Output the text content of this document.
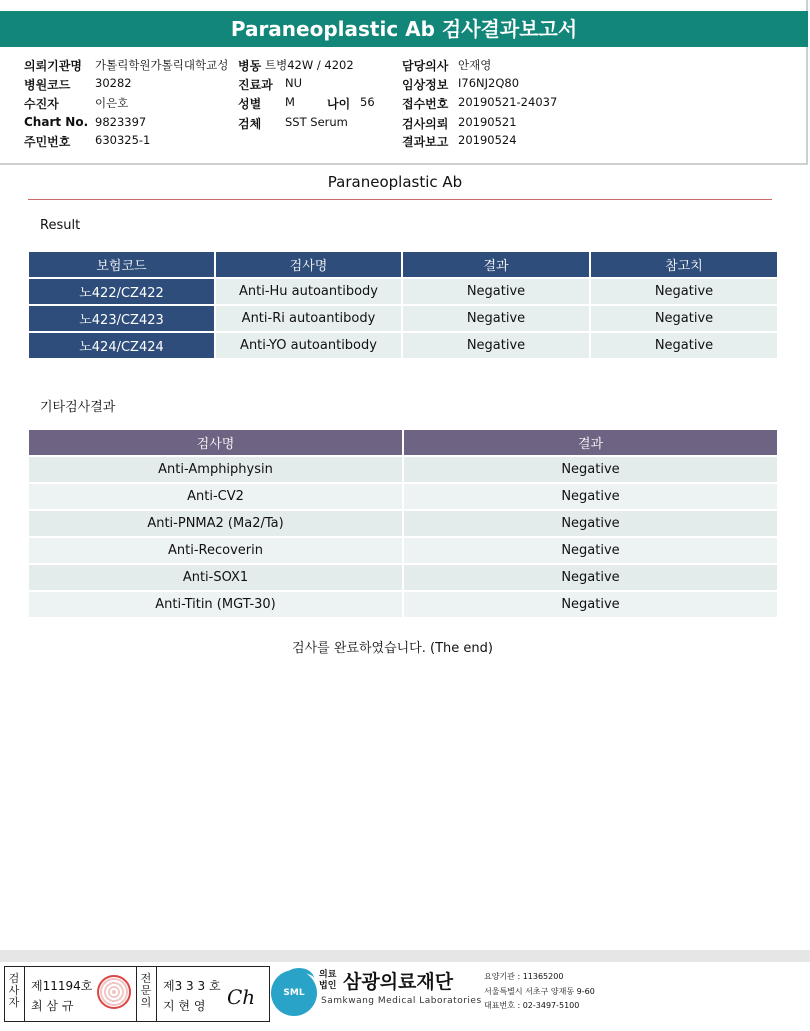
Paraneoplastic Ab 검사결과보고서
의뢰기관명 가톨릭학원가톨릭대학교성 병동 트병42W / 4202	담당의사 안재영
병원코드 30282	진료과 NU	임상정보 I76NJ2Q80
수진자	이은호	성별 M	나이 56 접수번호 20190521-24037
Chart No. 9823397	검체 SST Serum	검사의뢰 20190521
주민번호 630325-1	결과보고 20190524
Paraneoplastic Ab
Result
보험코드	검사명	결과	참고치
노422/CZ422	Anti-Hu autoantibody	Negative	Negative
노423/CZ423	Anti-Ri autoantibody	Negative	Negative
노424/CZ424	Anti-YO autoantibody	Negative	Negative
기타검사결과
검사명	결과
Anti-Amphiphysin	Negative
Anti-CV2	Negative
Anti-PNMA2 (Ma2/Ta)	Negative
Anti-Recoverin	Negative
Anti-SOX1	Negative
Anti-Titin (MGT-30)	Negative
검사를 완료하였습니다. (The end)
검사자
제11194호
최 삼 규
전문의
제3 3 3 호
지 현 영 Ch	SML
의료 법인 삼광의료재단
Samkwang Medical Laboratories
요양기관 : 11365200
서울특별시 서초구 양재동 9-60
대표번호 : 02-3497-5100
